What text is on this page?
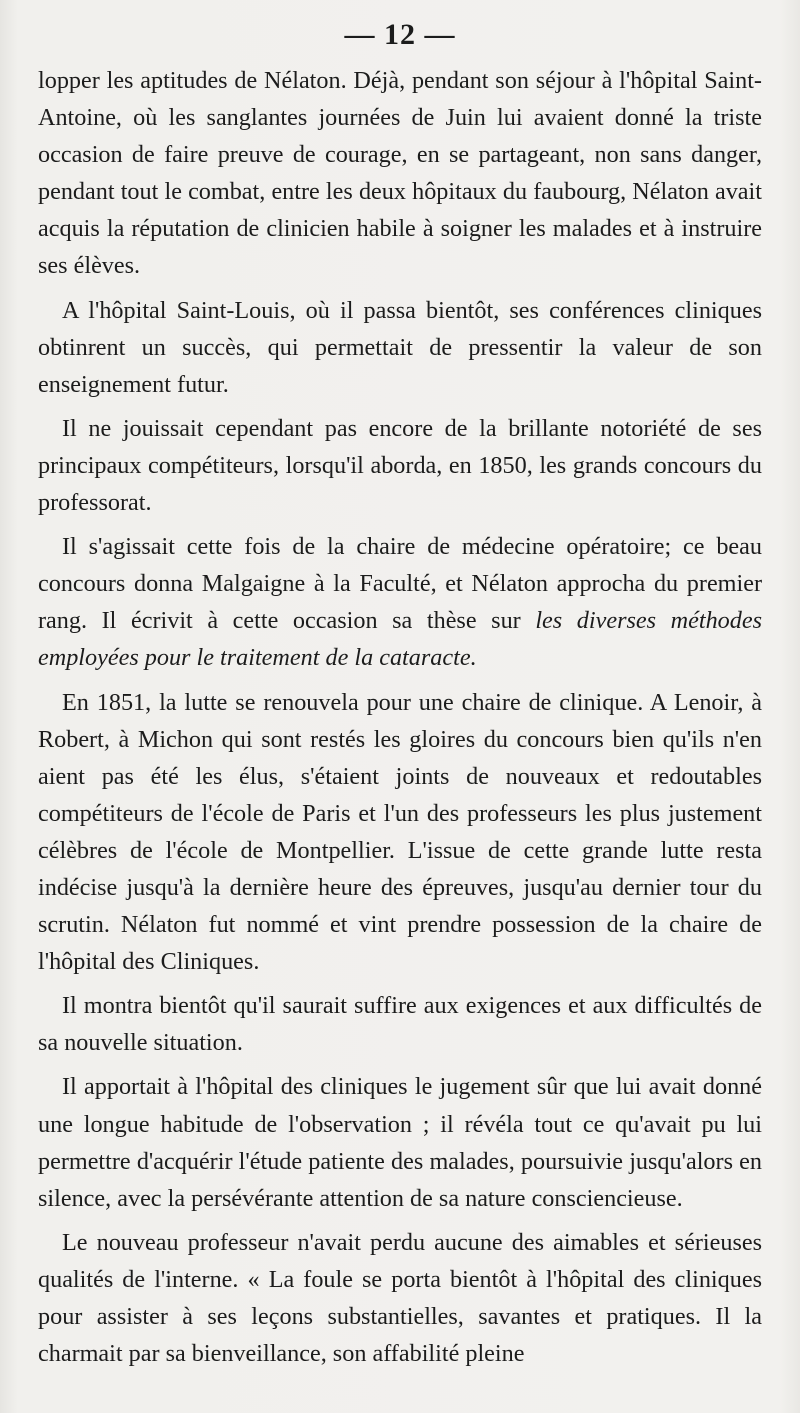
— 12 —

lopper les aptitudes de Nélaton. Déjà, pendant son séjour à l'hôpital Saint-Antoine, où les sanglantes journées de Juin lui avaient donné la triste occasion de faire preuve de courage, en se partageant, non sans danger, pendant tout le combat, entre les deux hôpitaux du faubourg, Nélaton avait acquis la réputation de clinicien habile à soigner les malades et à instruire ses élèves.

A l'hôpital Saint-Louis, où il passa bientôt, ses conférences cliniques obtinrent un succès, qui permettait de pressentir la valeur de son enseignement futur.

Il ne jouissait cependant pas encore de la brillante notoriété de ses principaux compétiteurs, lorsqu'il aborda, en 1850, les grands concours du professorat.

Il s'agissait cette fois de la chaire de médecine opératoire; ce beau concours donna Malgaigne à la Faculté, et Nélaton approcha du premier rang. Il écrivit à cette occasion sa thèse sur les diverses méthodes employées pour le traitement de la cataracte.

En 1851, la lutte se renouvela pour une chaire de clinique. A Lenoir, à Robert, à Michon qui sont restés les gloires du concours bien qu'ils n'en aient pas été les élus, s'étaient joints de nouveaux et redoutables compétiteurs de l'école de Paris et l'un des professeurs les plus justement célèbres de l'école de Montpellier. L'issue de cette grande lutte resta indécise jusqu'à la dernière heure des épreuves, jusqu'au dernier tour du scrutin. Nélaton fut nommé et vint prendre possession de la chaire de l'hôpital des Cliniques.

Il montra bientôt qu'il saurait suffire aux exigences et aux difficultés de sa nouvelle situation.

Il apportait à l'hôpital des cliniques le jugement sûr que lui avait donné une longue habitude de l'observation ; il révéla tout ce qu'avait pu lui permettre d'acquérir l'étude patiente des malades, poursuivie jusqu'alors en silence, avec la persévérante attention de sa nature consciencieuse.

Le nouveau professeur n'avait perdu aucune des aimables et sérieuses qualités de l'interne. « La foule se porta bientôt à l'hôpital des cliniques pour assister à ses leçons substantielles, savantes et pratiques. Il la charmait par sa bienveillance, son affabilité pleine
